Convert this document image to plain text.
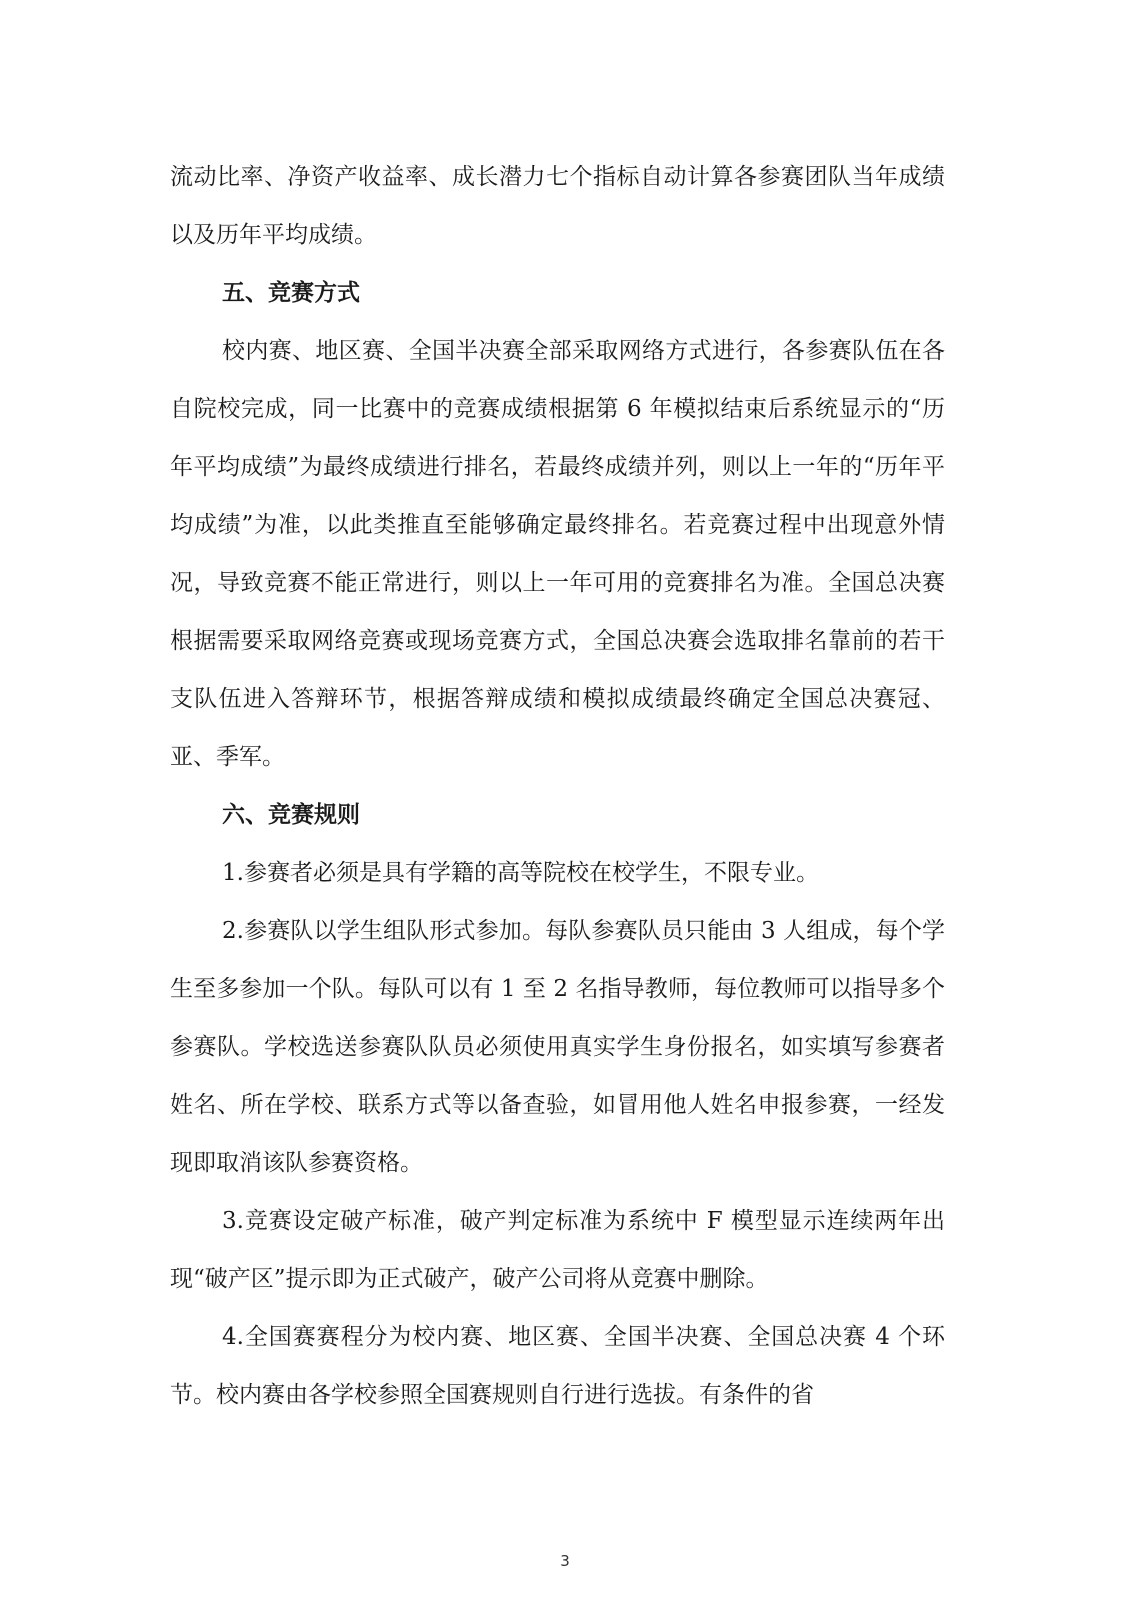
流动比率、净资产收益率、成长潜力七个指标自动计算各参赛团队当年成绩以及历年平均成绩。

五、竞赛方式

校内赛、地区赛、全国半决赛全部采取网络方式进行，各参赛队伍在各自院校完成，同一比赛中的竞赛成绩根据第 6 年模拟结束后系统显示的“历年平均成绩”为最终成绩进行排名，若最终成绩并列，则以上一年的“历年平均成绩”为准，以此类推直至能够确定最终排名。若竞赛过程中出现意外情况，导致竞赛不能正常进行，则以上一年可用的竞赛排名为准。全国总决赛根据需要采取网络竞赛或现场竞赛方式，全国总决赛会选取排名靠前的若干支队伍进入答辩环节，根据答辩成绩和模拟成绩最终确定全国总决赛冠、亚、季军。

六、竞赛规则

1.参赛者必须是具有学籍的高等院校在校学生，不限专业。

2.参赛队以学生组队形式参加。每队参赛队员只能由 3 人组成，每个学生至多参加一个队。每队可以有 1 至 2 名指导教师，每位教师可以指导多个参赛队。学校选送参赛队队员必须使用真实学生身份报名，如实填写参赛者姓名、所在学校、联系方式等以备查验，如冒用他人姓名申报参赛，一经发现即取消该队参赛资格。

3.竞赛设定破产标准，破产判定标准为系统中 F 模型显示连续两年出现“破产区”提示即为正式破产，破产公司将从竞赛中删除。

4.全国赛赛程分为校内赛、地区赛、全国半决赛、全国总决赛 4 个环节。校内赛由各学校参照全国赛规则自行进行选拔。有条件的省

3
